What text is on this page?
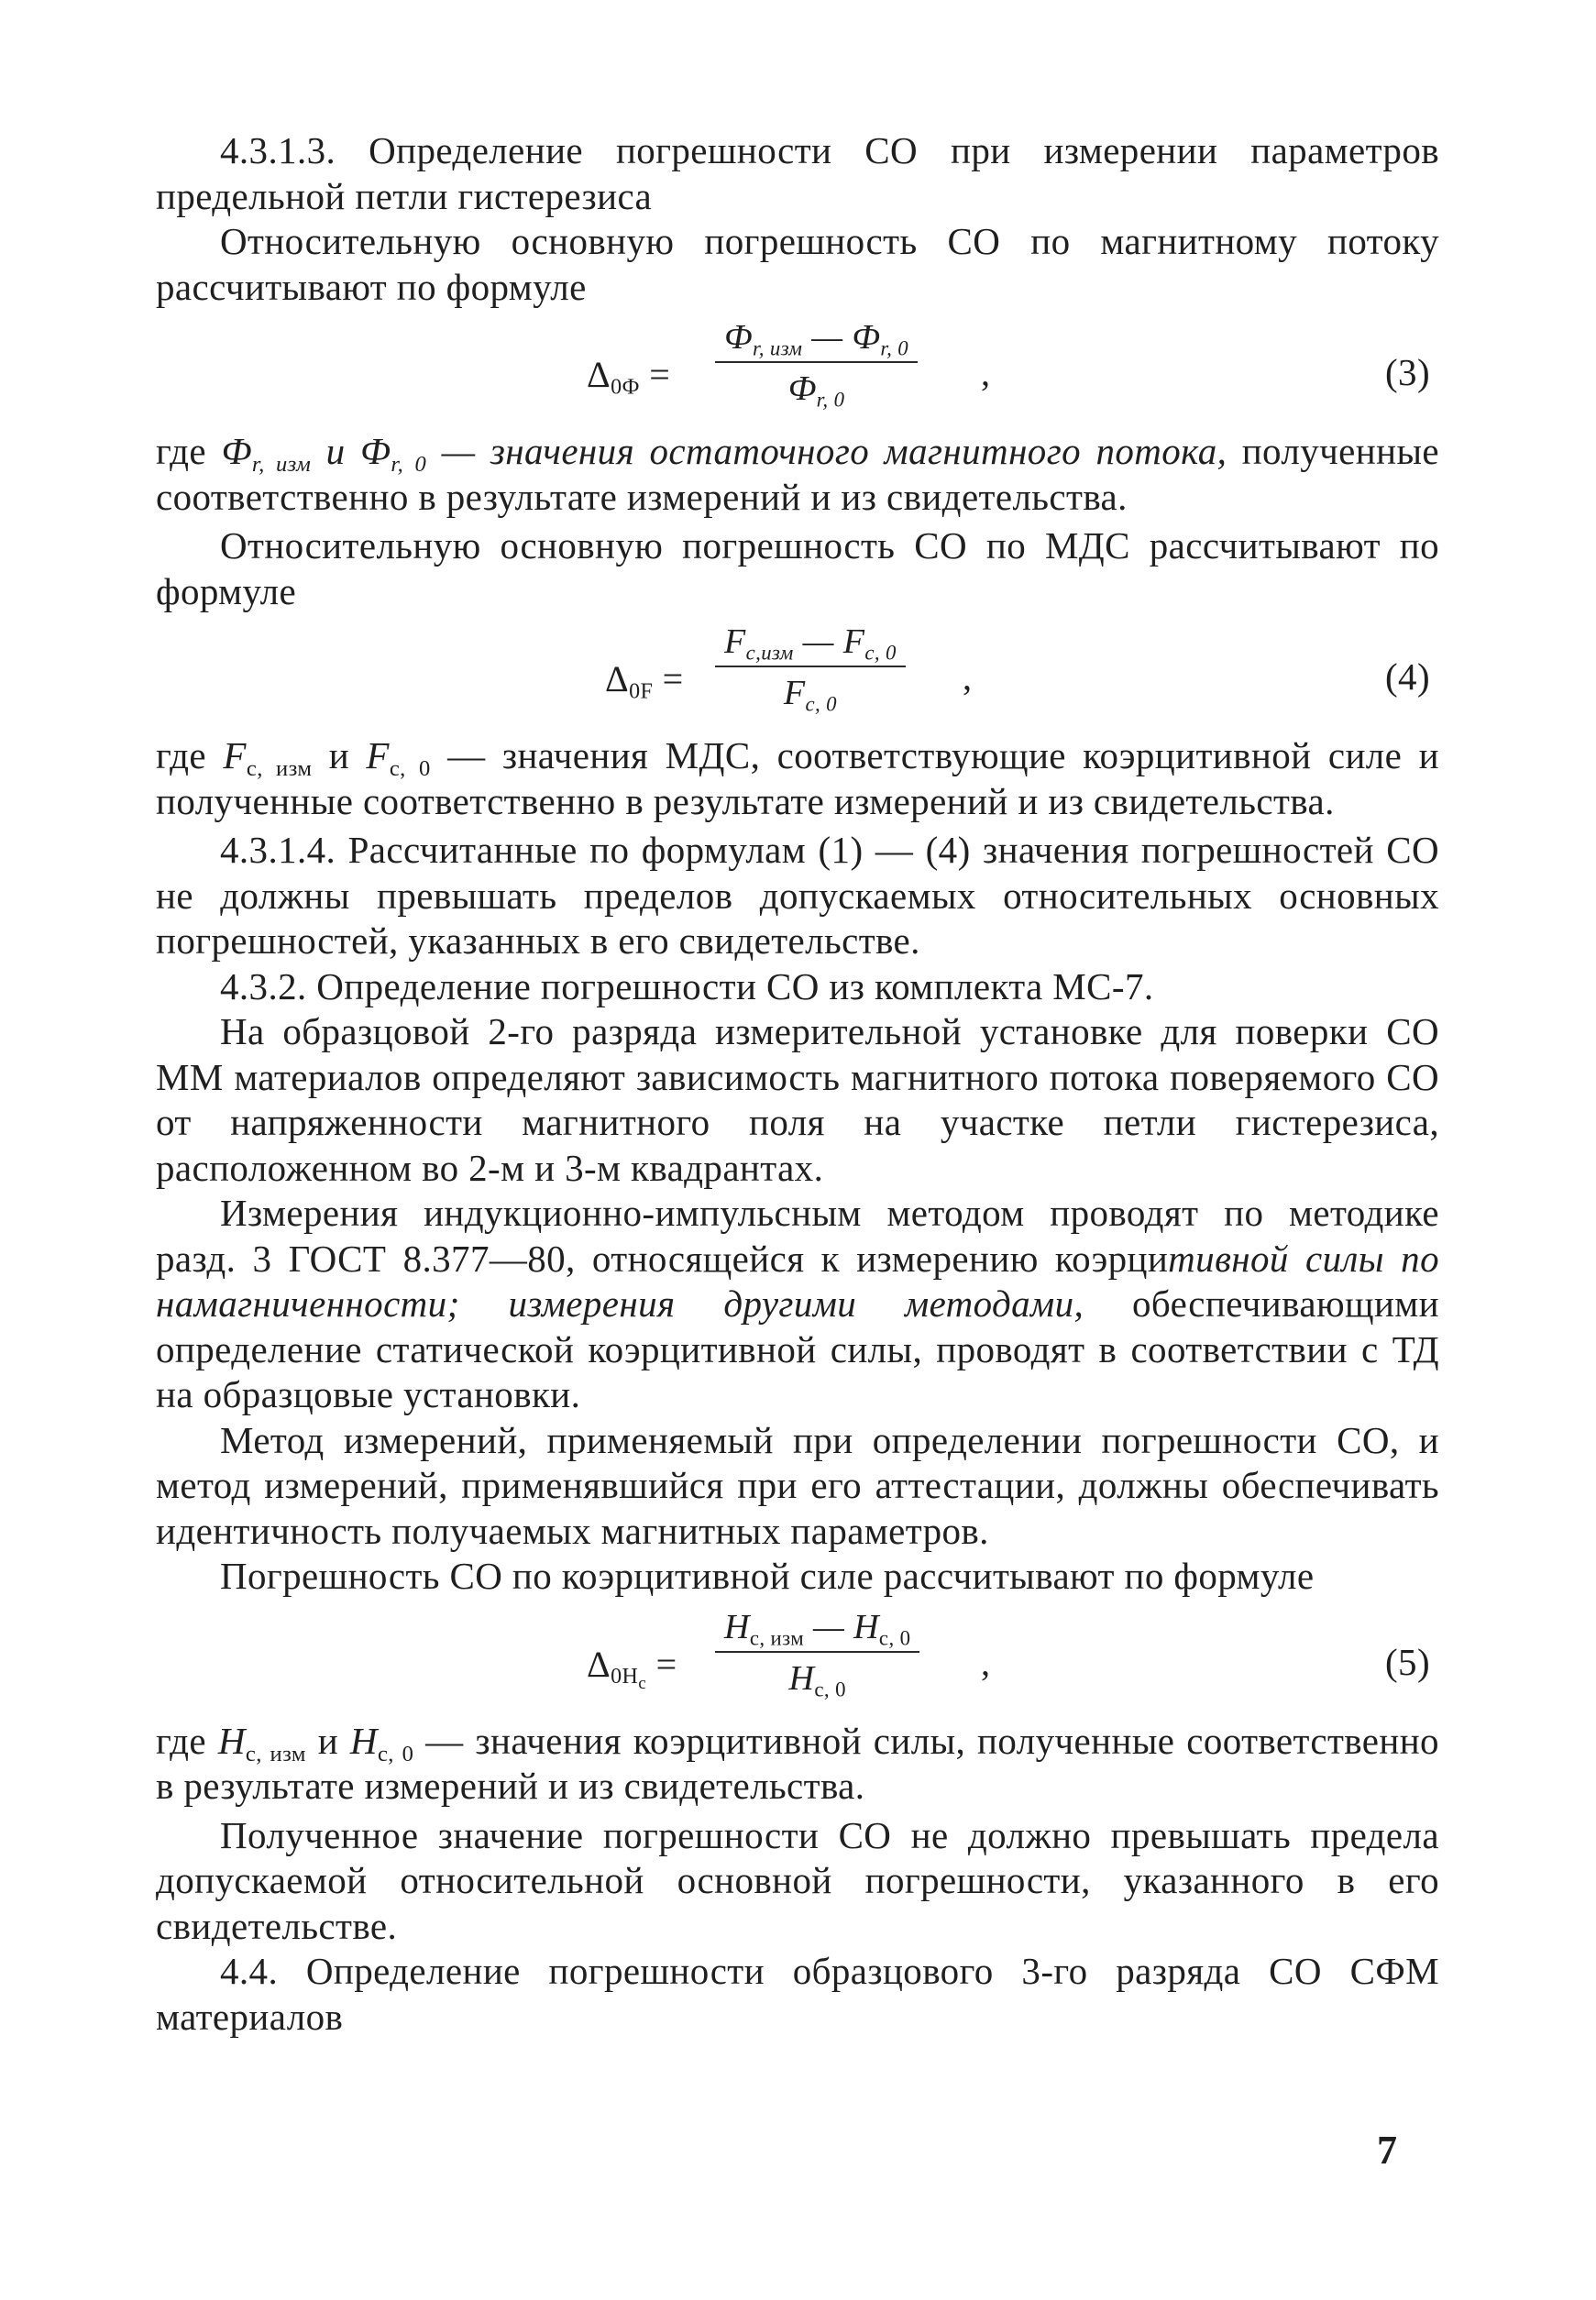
4.3.1.3. Определение погрешности СО при измерении параметров предельной петли гистерезиса

Относительную основную погрешность СО по магнитному потоку рассчитывают по формуле

$\Delta_{0Ф}$ =
$Ф_{r, изм}$ — $Ф_{r, 0}$
$Ф_{r, 0}$
,	(3)

где $Ф_{r, изм}$ и $Ф_{r, 0}$ — значения остаточного магнитного потока, полученные соответственно в результате измерений и из свидетельства.

Относительную основную погрешность СО по МДС рассчитывают по формуле

$\Delta_{0F}$ =
$F_{c,изм}$ — $F_{c, 0}$
$F_{c, 0}$
,	(4)

где $F_{c, изм}$ и $F_{c, 0}$ — значения МДС, соответствующие коэрцитивной силе и полученные соответственно в результате измерений и из свидетельства.

4.3.1.4. Рассчитанные по формулам (1) — (4) значения погрешностей СО не должны превышать пределов допускаемых относительных основных погрешностей, указанных в его свидетельстве.

4.3.2. Определение погрешности СО из комплекта МС-7.

На образцовой 2-го разряда измерительной установке для поверки СО ММ материалов определяют зависимость магнитного потока поверяемого СО от напряженности магнитного поля на участке петли гистерезиса, расположенном во 2-м и 3-м квадрантах.

Измерения индукционно-импульсным методом проводят по методике разд. 3 ГОСТ 8.377—80, относящейся к измерению коэрцитивной силы по намагниченности; измерения другими методами, обеспечивающими определение статической коэрцитивной силы, проводят в соответствии с ТД на образцовые установки.

Метод измерений, применяемый при определении погрешности СО, и метод измерений, применявшийся при его аттестации, должны обеспечивать идентичность получаемых магнитных параметров.

Погрешность СО по коэрцитивной силе рассчитывают по формуле

$\Delta_{0H_c}$ =
$H_{c, изм}$ — $H_{c, 0}$
$H_{c, 0}$
,	(5)

где $H_{c, изм}$ и $H_{c, 0}$ — значения коэрцитивной силы, полученные соответственно в результате измерений и из свидетельства.

Полученное значение погрешности СО не должно превышать предела допускаемой относительной основной погрешности, указанного в его свидетельстве.

4.4. Определение погрешности образцового 3-го разряда СО СФМ материалов

7
